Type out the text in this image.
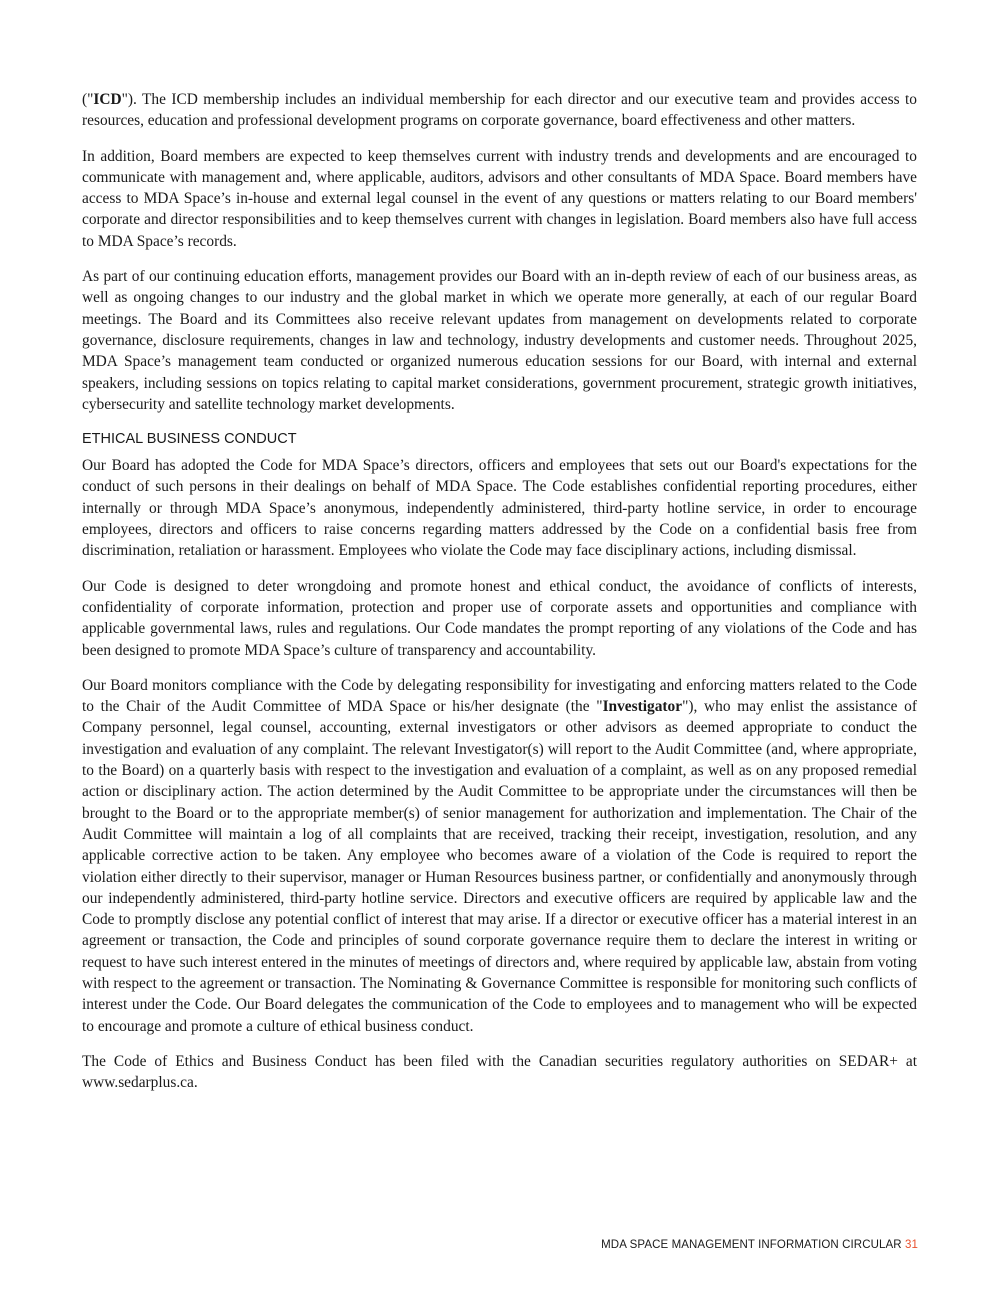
("ICD"). The ICD membership includes an individual membership for each director and our executive team and provides access to resources, education and professional development programs on corporate governance, board effectiveness and other matters.

In addition, Board members are expected to keep themselves current with industry trends and developments and are encouraged to communicate with management and, where applicable, auditors, advisors and other consultants of MDA Space. Board members have access to MDA Space’s in-house and external legal counsel in the event of any questions or matters relating to our Board members' corporate and director responsibilities and to keep themselves current with changes in legislation. Board members also have full access to MDA Space’s records.

As part of our continuing education efforts, management provides our Board with an in-depth review of each of our business areas, as well as ongoing changes to our industry and the global market in which we operate more generally, at each of our regular Board meetings. The Board and its Committees also receive relevant updates from management on developments related to corporate governance, disclosure requirements, changes in law and technology, industry developments and customer needs. Throughout 2025, MDA Space’s management team conducted or organized numerous education sessions for our Board, with internal and external speakers, including sessions on topics relating to capital market considerations, government procurement, strategic growth initiatives, cybersecurity and satellite technology market developments.

ETHICAL BUSINESS CONDUCT

Our Board has adopted the Code for MDA Space’s directors, officers and employees that sets out our Board's expectations for the conduct of such persons in their dealings on behalf of MDA Space. The Code establishes confidential reporting procedures, either internally or through MDA Space’s anonymous, independently administered, third-party hotline service, in order to encourage employees, directors and officers to raise concerns regarding matters addressed by the Code on a confidential basis free from discrimination, retaliation or harassment. Employees who violate the Code may face disciplinary actions, including dismissal.

Our Code is designed to deter wrongdoing and promote honest and ethical conduct, the avoidance of conflicts of interests, confidentiality of corporate information, protection and proper use of corporate assets and opportunities and compliance with applicable governmental laws, rules and regulations. Our Code mandates the prompt reporting of any violations of the Code and has been designed to promote MDA Space’s culture of transparency and accountability.

Our Board monitors compliance with the Code by delegating responsibility for investigating and enforcing matters related to the Code to the Chair of the Audit Committee of MDA Space or his/her designate (the "Investigator"), who may enlist the assistance of Company personnel, legal counsel, accounting, external investigators or other advisors as deemed appropriate to conduct the investigation and evaluation of any complaint. The relevant Investigator(s) will report to the Audit Committee (and, where appropriate, to the Board) on a quarterly basis with respect to the investigation and evaluation of a complaint, as well as on any proposed remedial action or disciplinary action. The action determined by the Audit Committee to be appropriate under the circumstances will then be brought to the Board or to the appropriate member(s) of senior management for authorization and implementation. The Chair of the Audit Committee will maintain a log of all complaints that are received, tracking their receipt, investigation, resolution, and any applicable corrective action to be taken. Any employee who becomes aware of a violation of the Code is required to report the violation either directly to their supervisor, manager or Human Resources business partner, or confidentially and anonymously through our independently administered, third-party hotline service. Directors and executive officers are required by applicable law and the Code to promptly disclose any potential conflict of interest that may arise. If a director or executive officer has a material interest in an agreement or transaction, the Code and principles of sound corporate governance require them to declare the interest in writing or request to have such interest entered in the minutes of meetings of directors and, where required by applicable law, abstain from voting with respect to the agreement or transaction. The Nominating & Governance Committee is responsible for monitoring such conflicts of interest under the Code. Our Board delegates the communication of the Code to employees and to management who will be expected to encourage and promote a culture of ethical business conduct.

The Code of Ethics and Business Conduct has been filed with the Canadian securities regulatory authorities on SEDAR+ at www.sedarplus.ca.

MDA SPACE MANAGEMENT INFORMATION CIRCULAR 31
